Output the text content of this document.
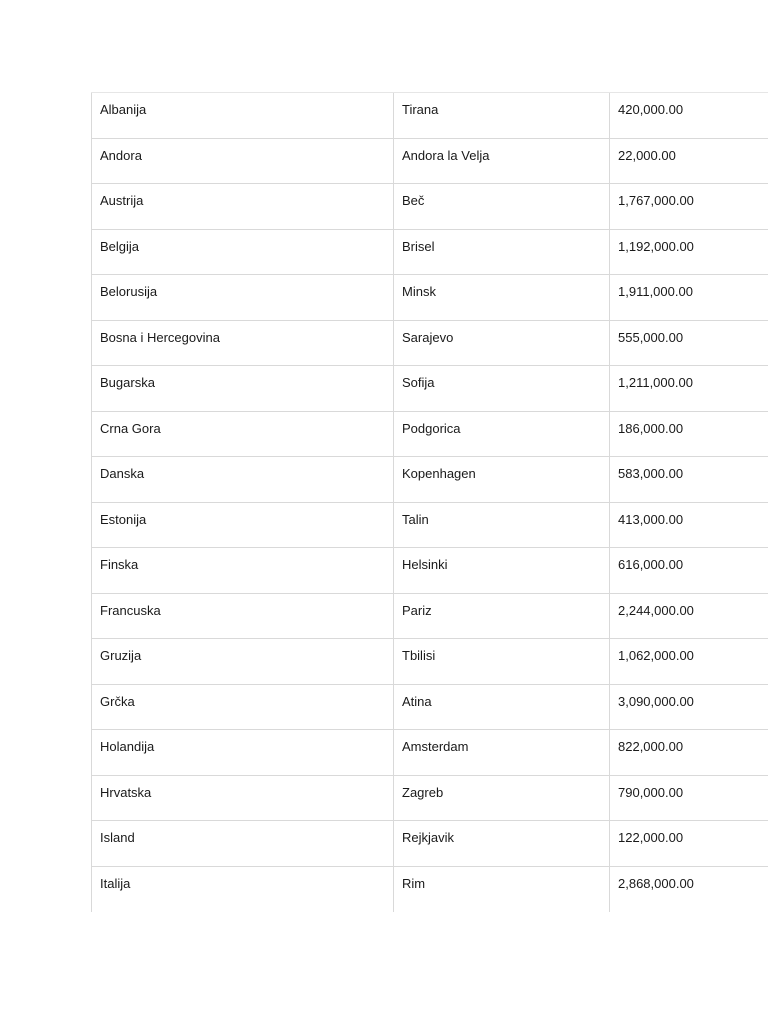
Albanija	Tirana	420,000.00
Andora	Andora la Velja	22,000.00
Austrija	Beč	1,767,000.00
Belgija	Brisel	1,192,000.00
Belorusija	Minsk	1,911,000.00
Bosna i Hercegovina	Sarajevo	555,000.00
Bugarska	Sofija	1,211,000.00
Crna Gora	Podgorica	186,000.00
Danska	Kopenhagen	583,000.00
Estonija	Talin	413,000.00
Finska	Helsinki	616,000.00
Francuska	Pariz	2,244,000.00
Gruzija	Tbilisi	1,062,000.00
Grčka	Atina	3,090,000.00
Holandija	Amsterdam	822,000.00
Hrvatska	Zagreb	790,000.00
Island	Rejkjavik	122,000.00
Italija	Rim	2,868,000.00
